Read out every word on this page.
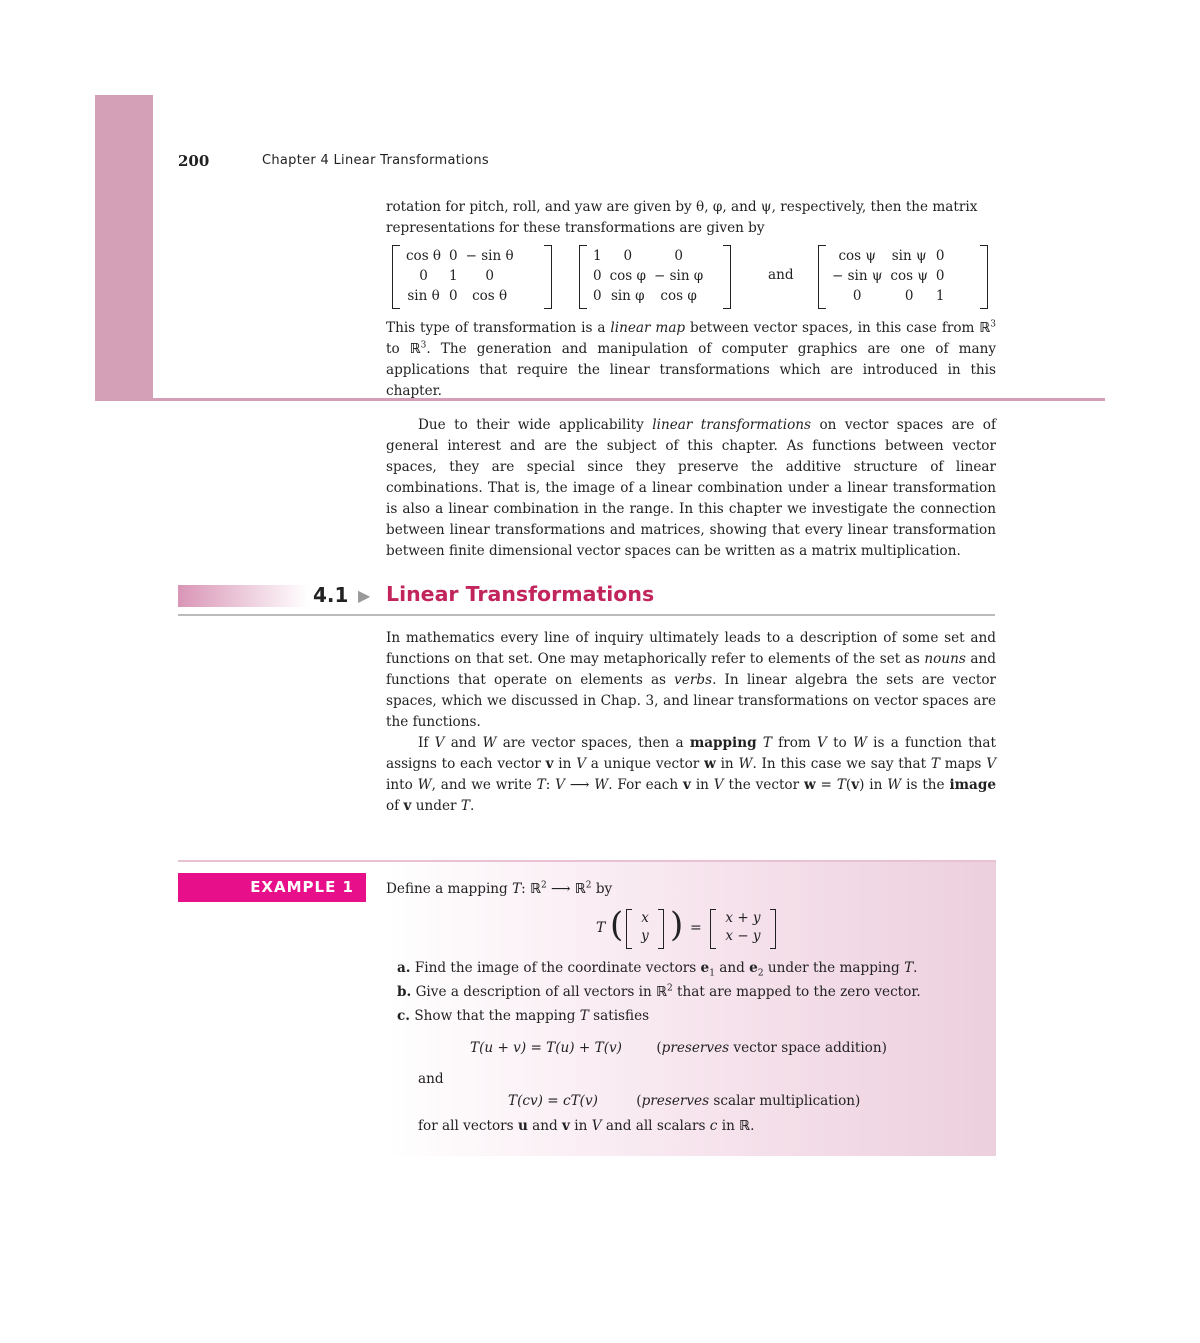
200	Chapter 4 Linear Transformations

rotation for pitch, roll, and yaw are given by θ, φ, and ψ, respectively, then the matrix

representations for these transformations are given by

cos θ	0	− sin θ
0	1	0
sin θ	0	cos θ
1	0	0
0	cos φ	− sin φ
0	sin φ	cos φ
and
cos ψ	sin ψ	0
− sin ψ	cos ψ	0
0	0	1

This type of transformation is a linear map between vector spaces, in this case from ℝ$^3$ to ℝ$^3$. The generation and manipulation of computer graphics are one of many applications that require the linear transformations which are introduced in this chapter.

Due to their wide applicability linear transformations on vector spaces are of general interest and are the subject of this chapter. As functions between vector spaces, they are special since they preserve the additive structure of linear combinations. That is, the image of a linear combination under a linear transformation is also a linear combination in the range. In this chapter we investigate the connection between linear transformations and matrices, showing that every linear transformation between finite dimensional vector spaces can be written as a matrix multiplication.

4.1 ▶ Linear Transformations

In mathematics every line of inquiry ultimately leads to a description of some set and functions on that set. One may metaphorically refer to elements of the set as nouns and functions that operate on elements as verbs. In linear algebra the sets are vector spaces, which we discussed in Chap. 3, and linear transformations on vector spaces are the functions.

If V and W are vector spaces, then a mapping T from V to W is a function that assigns to each vector v in V a unique vector w in W. In this case we say that T maps V into W, and we write T: V ⟶ W. For each v in V the vector w = T(v) in W is the image of v under T.

EXAMPLE 1	Define a mapping T: ℝ$^2$ ⟶ ℝ$^2$ by
T (	x
y ) =
x + y
x − y
a. Find the image of the coordinate vectors $e_1$ and $e_2$ under the mapping T.
b. Give a description of all vectors in ℝ$^2$ that are mapped to the zero vector.
c. Show that the mapping T satisfies
T(u + v) = T(u) + T(v)	(preserves vector space addition)
and
T(cv) = cT(v)	(preserves scalar multiplication)
for all vectors u and v in V and all scalars c in ℝ.
